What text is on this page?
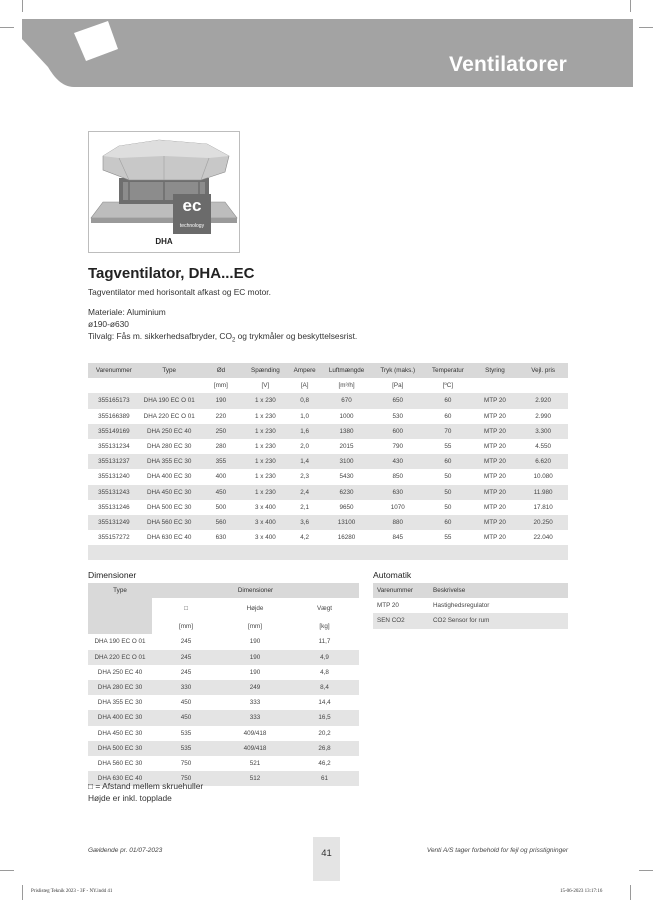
Ventilatorer
ec
technology
DHA
Tagventilator, DHA...EC
Tagventilator med horisontalt afkast og EC motor.
Materiale: Aluminium
ø190-ø630
Tilvalg: Fås m. sikkerhedsafbryder, $CO_2$ og trykmåler og beskyttelsesrist.
Varenummer	Type	Ød	Spænding	Ampere	Luftmængde	Tryk (maks.)	Temperatur	Styring	Vejl. pris
		[mm]	[V]	[A]	[m³/h]	[Pa]	[ºC]		
355165173	DHA 190 EC O 01	190	1 x 230	0,8	670	650	60	MTP 20	2.920
355166389	DHA 220 EC O 01	220	1 x 230	1,0	1000	530	60	MTP 20	2.990
355149169	DHA 250 EC 40	250	1 x 230	1,6	1380	600	70	MTP 20	3.300
355131234	DHA 280 EC 30	280	1 x 230	2,0	2015	790	55	MTP 20	4.550
355131237	DHA 355 EC 30	355	1 x 230	1,4	3100	430	60	MTP 20	6.620
355131240	DHA 400 EC 30	400	1 x 230	2,3	5430	850	50	MTP 20	10.080
355131243	DHA 450 EC 30	450	1 x 230	2,4	6230	630	50	MTP 20	11.980
355131246	DHA 500 EC 30	500	3 x 400	2,1	9650	1070	50	MTP 20	17.810
355131249	DHA 560 EC 30	560	3 x 400	3,6	13100	880	60	MTP 20	20.250
355157272	DHA 630 EC 40	630	3 x 400	4,2	16280	845	55	MTP 20	22.040

Dimensioner
Type	Dimensioner		
	□	Højde	Vægt
	[mm]	[mm]	[kg]
DHA 190 EC O 01	245	190	11,7
DHA 220 EC O 01	245	190	4,9
DHA 250 EC 40	245	190	4,8
DHA 280 EC 30	330	249	8,4
DHA 355 EC 30	450	333	14,4
DHA 400 EC 30	450	333	16,5
DHA 450 EC 30	535	409/418	20,2
DHA 500 EC 30	535	409/418	26,8
DHA 560 EC 30	750	521	46,2
DHA 630 EC 40	750	512	61
□ = Afstand mellem skruehuller
Højde er inkl. topplade
Automatik
Varenummer	Beskrivelse
MTP 20	Hastighedsregulator
SEN CO2	CO2 Sensor for rum
Gældende pr. 01/07-2023	41	Venti A/S tager forbehold for fejl og prisstigninger
Prislisteg Teknik 2023 - 3F - NY.indd 41	15-06-2023 13:17:16
